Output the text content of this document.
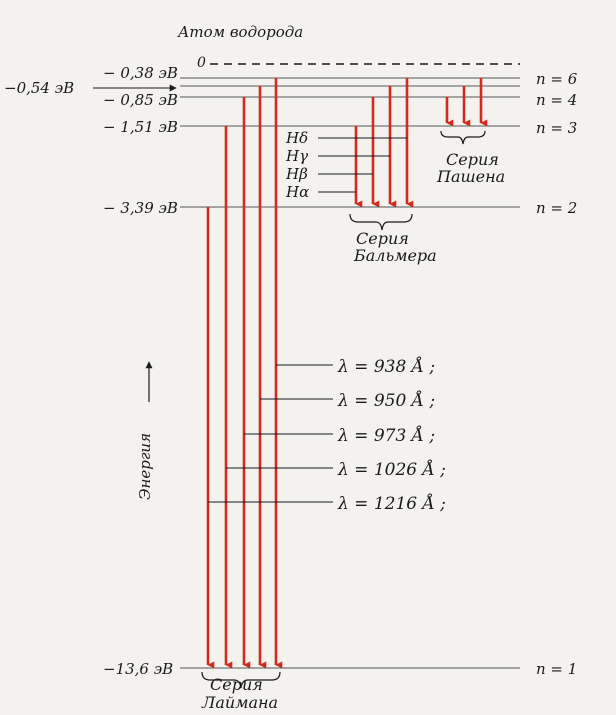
Атом водорода
0
−0,54 эВ
− 0,38 эВ
− 0,85 эВ
− 1,51 эВ
− 3,39 эВ
−13,6 эВ
n = 6
n = 4
n = 3
n = 2
n = 1
Энергия
λ = 938 Å ;
λ = 950 Å ;
λ = 973 Å ;
λ = 1026 Å ;
λ = 1216 Å ;
Серия
Лаймана
Hδ
Hγ
Hβ
Hα
Серия
Бальмера
Серия
Пашена
